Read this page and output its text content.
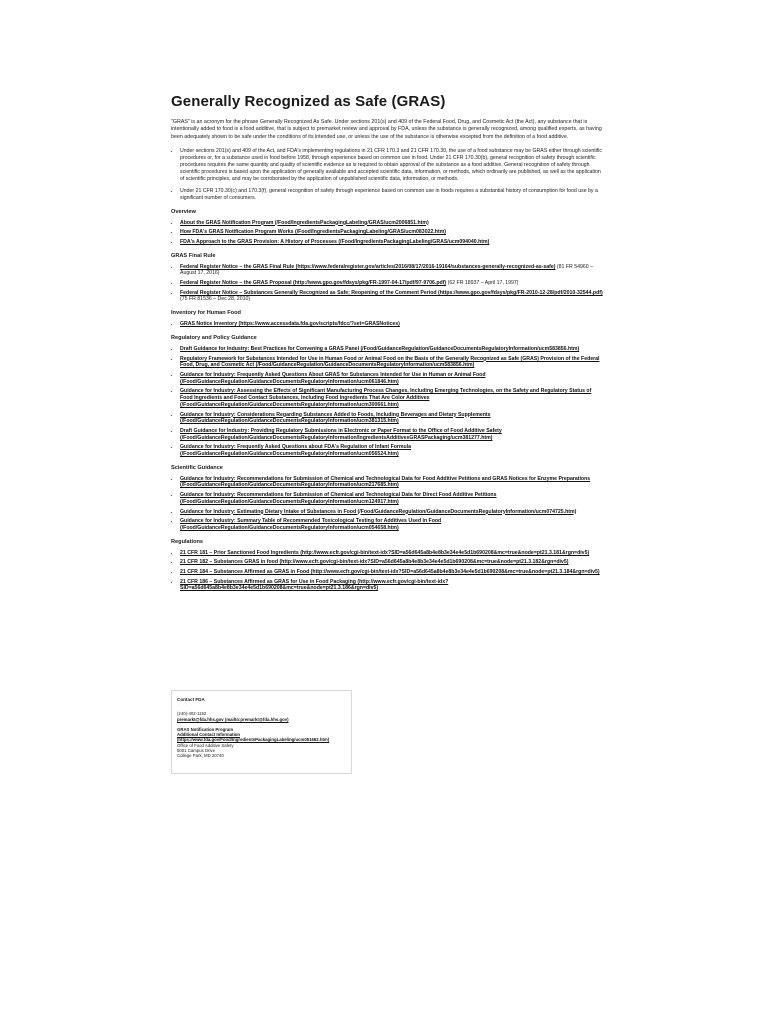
Generally Recognized as Safe (GRAS)

"GRAS" is an acronym for the phrase Generally Recognized As Safe. Under sections 201(s) and 409 of the Federal Food, Drug, and Cosmetic Act (the Act), any substance that is intentionally added to food is a food additive, that is subject to premarket review and approval by FDA, unless the substance is generally recognized, among qualified experts, as having been adequately shown to be safe under the conditions of its intended use, or unless the use of the substance is otherwise excepted from the definition of a food additive.

• Under sections 201(s) and 409 of the Act, and FDA's implementing regulations in 21 CFR 170.3 and 21 CFR 170.30, the use of a food substance may be GRAS either through scientific procedures or, for a substance used in food before 1958, through experience based on common use in food. Under 21 CFR 170.30(b), general recognition of safety through scientific procedures requires the same quantity and quality of scientific evidence as is required to obtain approval of the substance as a food additive. General recognition of safety through scientific procedures is based upon the application of generally available and accepted scientific data, information, or methods, which ordinarily are published, as well as the application of scientific principles, and may be corroborated by the application of unpublished scientific data, information, or methods.
• Under 21 CFR 170.30(c) and 170.3(f), general recognition of safety through experience based on common use in foods requires a substantial history of consumption for food use by a significant number of consumers.
Overview
• About the GRAS Notification Program (/Food/IngredientsPackagingLabeling/GRAS/ucm2006851.htm)
• How FDA's GRAS Notification Program Works (/Food/IngredientsPackagingLabeling/GRAS/ucm083022.htm)
• FDA's Approach to the GRAS Provision: A History of Processes (/Food/IngredientsPackagingLabeling/GRAS/ucm094040.htm)
GRAS Final Rule
• Federal Register Notice – the GRAS Final Rule (https://www.federalregister.gov/articles/2016/08/17/2016-19164/substances-generally-recognized-as-safe) (81 FR 54960 – August 17, 2016)
• Federal Register Notice – the GRAS Proposal (http://www.gpo.gov/fdsys/pkg/FR-1997-04-17/pdf/97-9706.pdf) (62 FR 18937 – April 17, 1997)
• Federal Register Notice – Substances Generally Recognized as Safe; Reopening of the Comment Period (https://www.gpo.gov/fdsys/pkg/FR-2010-12-28/pdf/2010-32544.pdf) (75 FR 81536 – Dec 28, 2010)
Inventory for Human Food
• GRAS Notice Inventory (https://www.accessdata.fda.gov/scripts/fdcc/?set=GRASNotices)
Regulatory and Policy Guidance
• Draft Guidance for Industry: Best Practices for Convening a GRAS Panel (/Food/GuidanceRegulation/GuidanceDocumentsRegulatoryInformation/ucm583856.htm)
• Regulatory Framework for Substances Intended for Use in Human Food or Animal Food on the Basis of the Generally Recognized as Safe (GRAS) Provision of the Federal Food, Drug, and Cosmetic Act (/Food/GuidanceRegulation/GuidanceDocumentsRegulatoryInformation/ucm583856.htm)
• Guidance for Industry: Frequently Asked Questions About GRAS for Substances Intended for Use in Human or Animal Food (/Food/GuidanceRegulation/GuidanceDocumentsRegulatoryInformation/ucm061846.htm)
• Guidance for Industry: Assessing the Effects of Significant Manufacturing Process Changes, Including Emerging Technologies, on the Safety and Regulatory Status of Food Ingredients and Food Contact Substances, Including Food Ingredients That Are Color Additives (/Food/GuidanceRegulation/GuidanceDocumentsRegulatoryInformation/ucm300661.htm)
• Guidance for Industry: Considerations Regarding Substances Added to Foods, Including Beverages and Dietary Supplements (/Food/GuidanceRegulation/GuidanceDocumentsRegulatoryInformation/ucm381315.htm)
• Draft Guidance for Industry: Providing Regulatory Submissions in Electronic or Paper Format to the Office of Food Additive Safety (/Food/GuidanceRegulation/GuidanceDocumentsRegulatoryInformation/IngredientsAdditivesGRASPackaging/ucm381277.htm)
• Guidance for Industry: Frequently Asked Questions about FDA's Regulation of Infant Formula (/Food/GuidanceRegulation/GuidanceDocumentsRegulatoryInformation/ucm056524.htm)
Scientific Guidance
• Guidance for Industry: Recommendations for Submission of Chemical and Technological Data for Food Additive Petitions and GRAS Notices for Enzyme Preparations (/Food/GuidanceRegulation/GuidanceDocumentsRegulatoryInformation/ucm217685.htm)
• Guidance for Industry: Recommendations for Submission of Chemical and Technological Data for Direct Food Additive Petitions (/Food/GuidanceRegulation/GuidanceDocumentsRegulatoryInformation/ucm124917.htm)
• Guidance for Industry: Estimating Dietary Intake of Substances in Food (/Food/GuidanceRegulation/GuidanceDocumentsRegulatoryInformation/ucm074725.htm)
• Guidance for Industry: Summary Table of Recommended Toxicological Testing for Additives Used in Food (/Food/GuidanceRegulation/GuidanceDocumentsRegulatoryInformation/ucm054658.htm)
Regulations
• 21 CFR 181 – Prior Sanctioned Food Ingredients (http://www.ecfr.gov/cgi-bin/text-idx?SID=a56d645a8b4e8b3e34e4e5d1b690208&mc=true&node=pt21.3.181&rgn=div5)
• 21 CFR 182 – Substances GRAS in food (http://www.ecfr.gov/cgi-bin/text-idx?SID=a56d645a8b4e8b3e34e4e5d1b690208&mc=true&node=pt21.3.182&rgn=div5)
• 21 CFR 184 – Substances Affirmed as GRAS in Food (http://www.ecfr.gov/cgi-bin/text-idx?SID=a56d645a8b4e8b3e34e4e5d1b690208&mc=true&node=pt21.3.184&rgn=div5)
• 21 CFR 186 – Substances Affirmed as GRAS for Use in Food Packaging (http://www.ecfr.gov/cgi-bin/text-idx?SID=a56d645a8b4e8b3e34e4e5d1b690208&mc=true&node=pt21.3.186&rgn=div5)
Contact FDA
(240)-402-1192
premarkt@fda.hhs.gov (mailto:premarkt@fda.hhs.gov)
GRAS Notification Program
Additional Contact Information (https://www.fda.gov/Food/IngredientsPackagingLabeling/ucm051662.htm)
Office of Food Additive Safety
5001 Campus Drive
College Park, MD 20740
